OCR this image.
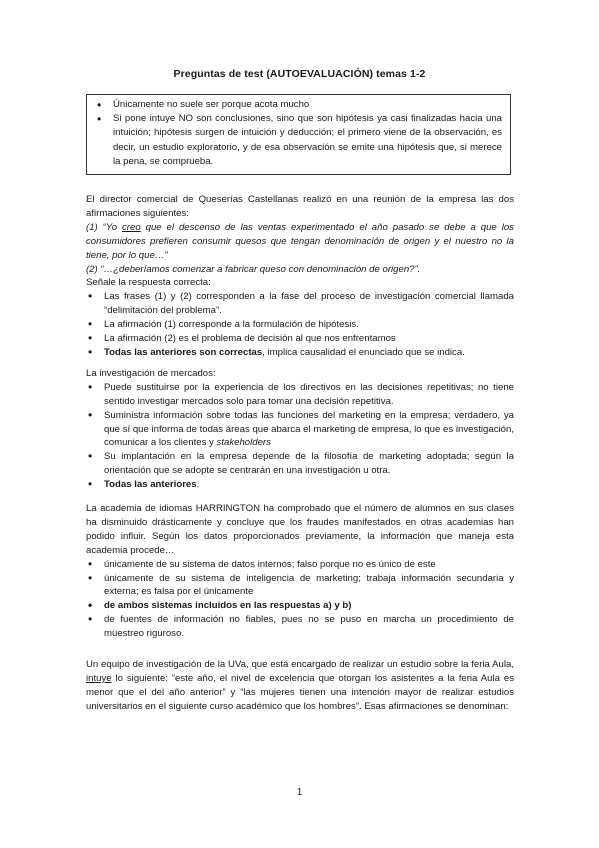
Preguntas de test (AUTOEVALUACIÓN) temas 1-2
• Únicamente no suele ser porque acota mucho
• Si pone intuye NO son conclusiones, sino que son hipótesis ya casi finalizadas hacia una intuición; hipótesis surgen de intuición y deducción; el primero viene de la observación, es decir, un estudio exploratorio, y de esa observación se emite una hipótesis que, si merece la pena, se comprueba.

El director comercial de Queserías Castellanas realizó en una reunión de la empresa las dos afirmaciones siguientes:

(1) “Yo creo que el descenso de las ventas experimentado el año pasado se debe a que los consumidores prefieren consumir quesos que tengan denominación de origen y el nuestro no la tiene, por lo que…”

(2) “…¿deberíamos comenzar a fabricar queso con denominación de origen?”.

Señale la respuesta correcta:

• Las frases (1) y (2) corresponden a la fase del proceso de investigación comercial llamada “delimitación del problema”.
• La afirmación (1) corresponde a la formulación de hipótesis.
• La afirmación (2) es el problema de decisión al que nos enfrentamos
• Todas las anteriores son correctas, implica causalidad el enunciado que se indica.

La investigación de mercados:

• Puede sustituirse por la experiencia de los directivos en las decisiones repetitivas; no tiene sentido investigar mercados solo para tomar una decisión repetitiva.
• Suministra información sobre todas las funciones del marketing en la empresa; verdadero, ya que sí que informa de todas áreas que abarca el marketing de empresa, lo que es investigación, comunicar a los clientes y stakeholders
• Su implantación en la empresa depende de la filosofía de marketing adoptada; según la orientación que se adopte se centrarán en una investigación u otra.
• Todas las anteriores.

La academia de idiomas HARRINGTON ha comprobado que el número de alumnos en sus clases ha disminuido drásticamente y concluye que los fraudes manifestados en otras academias han podido influir. Según los datos proporcionados previamente, la información que maneja esta academia procede…

• únicamente de su sistema de datos internos; falso porque no es único de este
• únicamente de su sistema de inteligencia de marketing; trabaja información secundaria y externa; es falsa por el únicamente
• de ambos sistemas incluidos en las respuestas a) y b)
• de fuentes de información no fiables, pues no se puso en marcha un procedimiento de muestreo riguroso.

Un equipo de investigación de la UVa, que está encargado de realizar un estudio sobre la feria Aula, intuye lo siguiente: “este año, el nivel de excelencia que otorgan los asistentes a la feria Aula es menor que el del año anterior” y “las mujeres tienen una intención mayor de realizar estudios universitarios en el siguiente curso académico que los hombres”. Esas afirmaciones se denominan:

1
